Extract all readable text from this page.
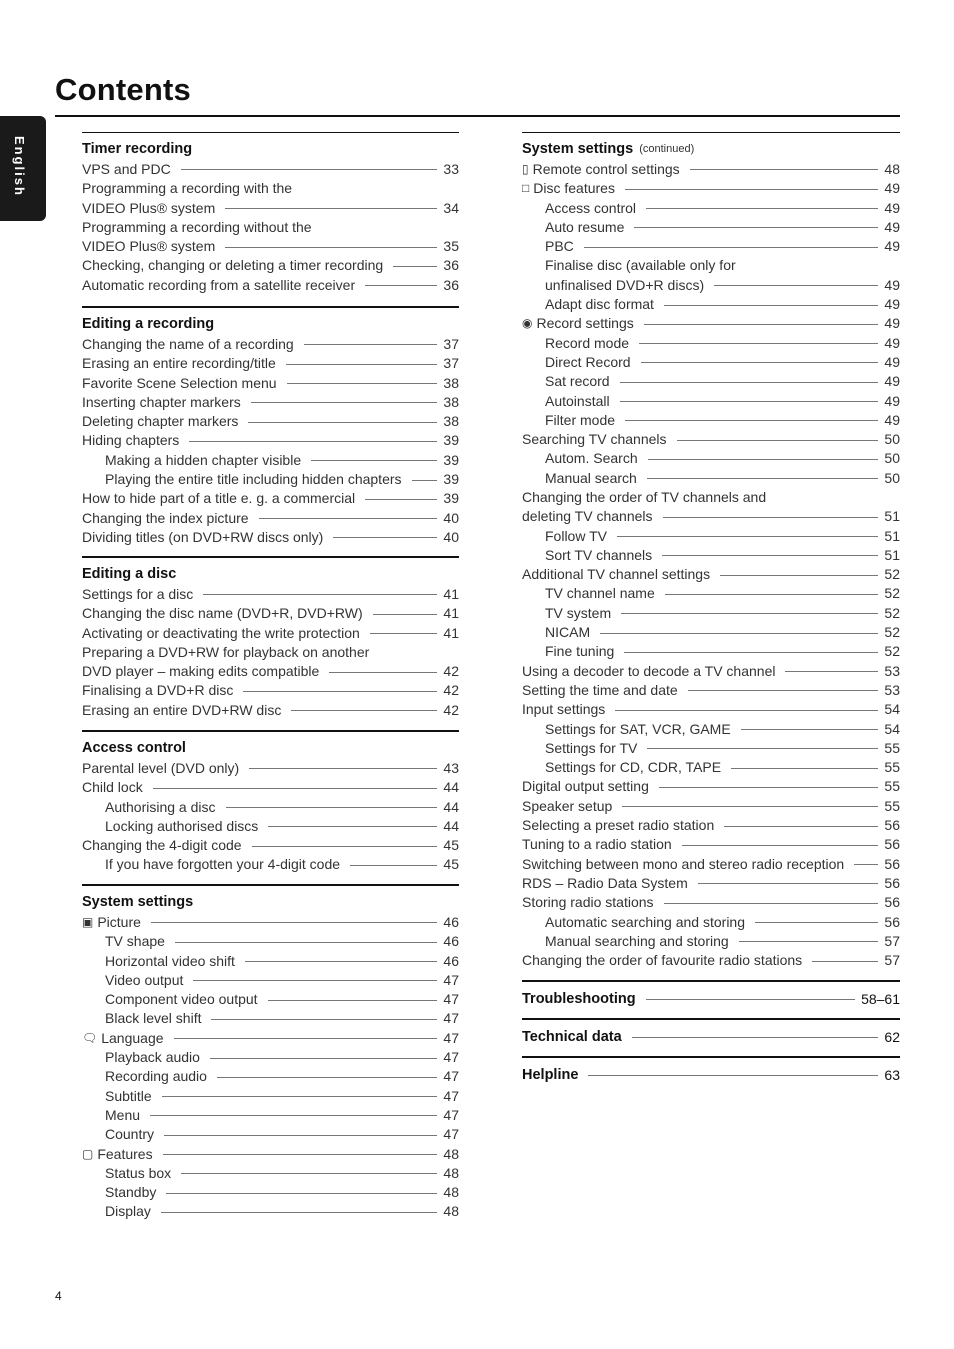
English
Contents
Timer recording
VPS and PDC	33
Programming a recording with the
VIDEO Plus® system	34
Programming a recording without the
VIDEO Plus® system	35
Checking, changing or deleting a timer recording	36
Automatic recording from a satellite receiver	36
Editing a recording
Changing the name of a recording	37
Erasing an entire recording/title	37
Favorite Scene Selection menu	38
Inserting chapter markers	38
Deleting chapter markers	38
Hiding chapters	39
Making a hidden chapter visible	39
Playing the entire title including hidden chapters	39
How to hide part of a title e. g. a commercial	39
Changing the index picture	40
Dividing titles (on DVD+RW discs only)	40
Editing a disc
Settings for a disc	41
Changing the disc name (DVD+R, DVD+RW)	41
Activating or deactivating the write protection	41
Preparing a DVD+RW for playback on another
DVD player – making edits compatible	42
Finalising a DVD+R disc	42
Erasing an entire DVD+RW disc	42
Access control
Parental level (DVD only)	43
Child lock	44
Authorising a disc	44
Locking authorised discs	44
Changing the 4-digit code	45
If you have forgotten your 4-digit code	45
System settings
▣ Picture	46
TV shape	46
Horizontal video shift	46
Video output	47
Component video output	47
Black level shift	47
🗨 Language	47
Playback audio	47
Recording audio	47
Subtitle	47
Menu	47
Country	47
▢ Features	48
Status box	48
Standby	48
Display	48
System settings (continued)
▯ Remote control settings	48
□ Disc features	49
Access control	49
Auto resume	49
PBC	49
Finalise disc (available only for
unfinalised DVD+R discs)	49
Adapt disc format	49
◉ Record settings	49
Record mode	49
Direct Record	49
Sat record	49
Autoinstall	49
Filter mode	49
Searching TV channels	50
Autom. Search	50
Manual search	50
Changing the order of TV channels and
deleting TV channels	51
Follow TV	51
Sort TV channels	51
Additional TV channel settings	52
TV channel name	52
TV system	52
NICAM	52
Fine tuning	52
Using a decoder to decode a TV channel	53
Setting the time and date	53
Input settings	54
Settings for SAT, VCR, GAME	54
Settings for TV	55
Settings for CD, CDR, TAPE	55
Digital output setting	55
Speaker setup	55
Selecting a preset radio station	56
Tuning to a radio station	56
Switching between mono and stereo radio reception	56
RDS – Radio Data System	56
Storing radio stations	56
Automatic searching and storing	56
Manual searching and storing	57
Changing the order of favourite radio stations	57
Troubleshooting	58–61
Technical data	62
Helpline	63
4
